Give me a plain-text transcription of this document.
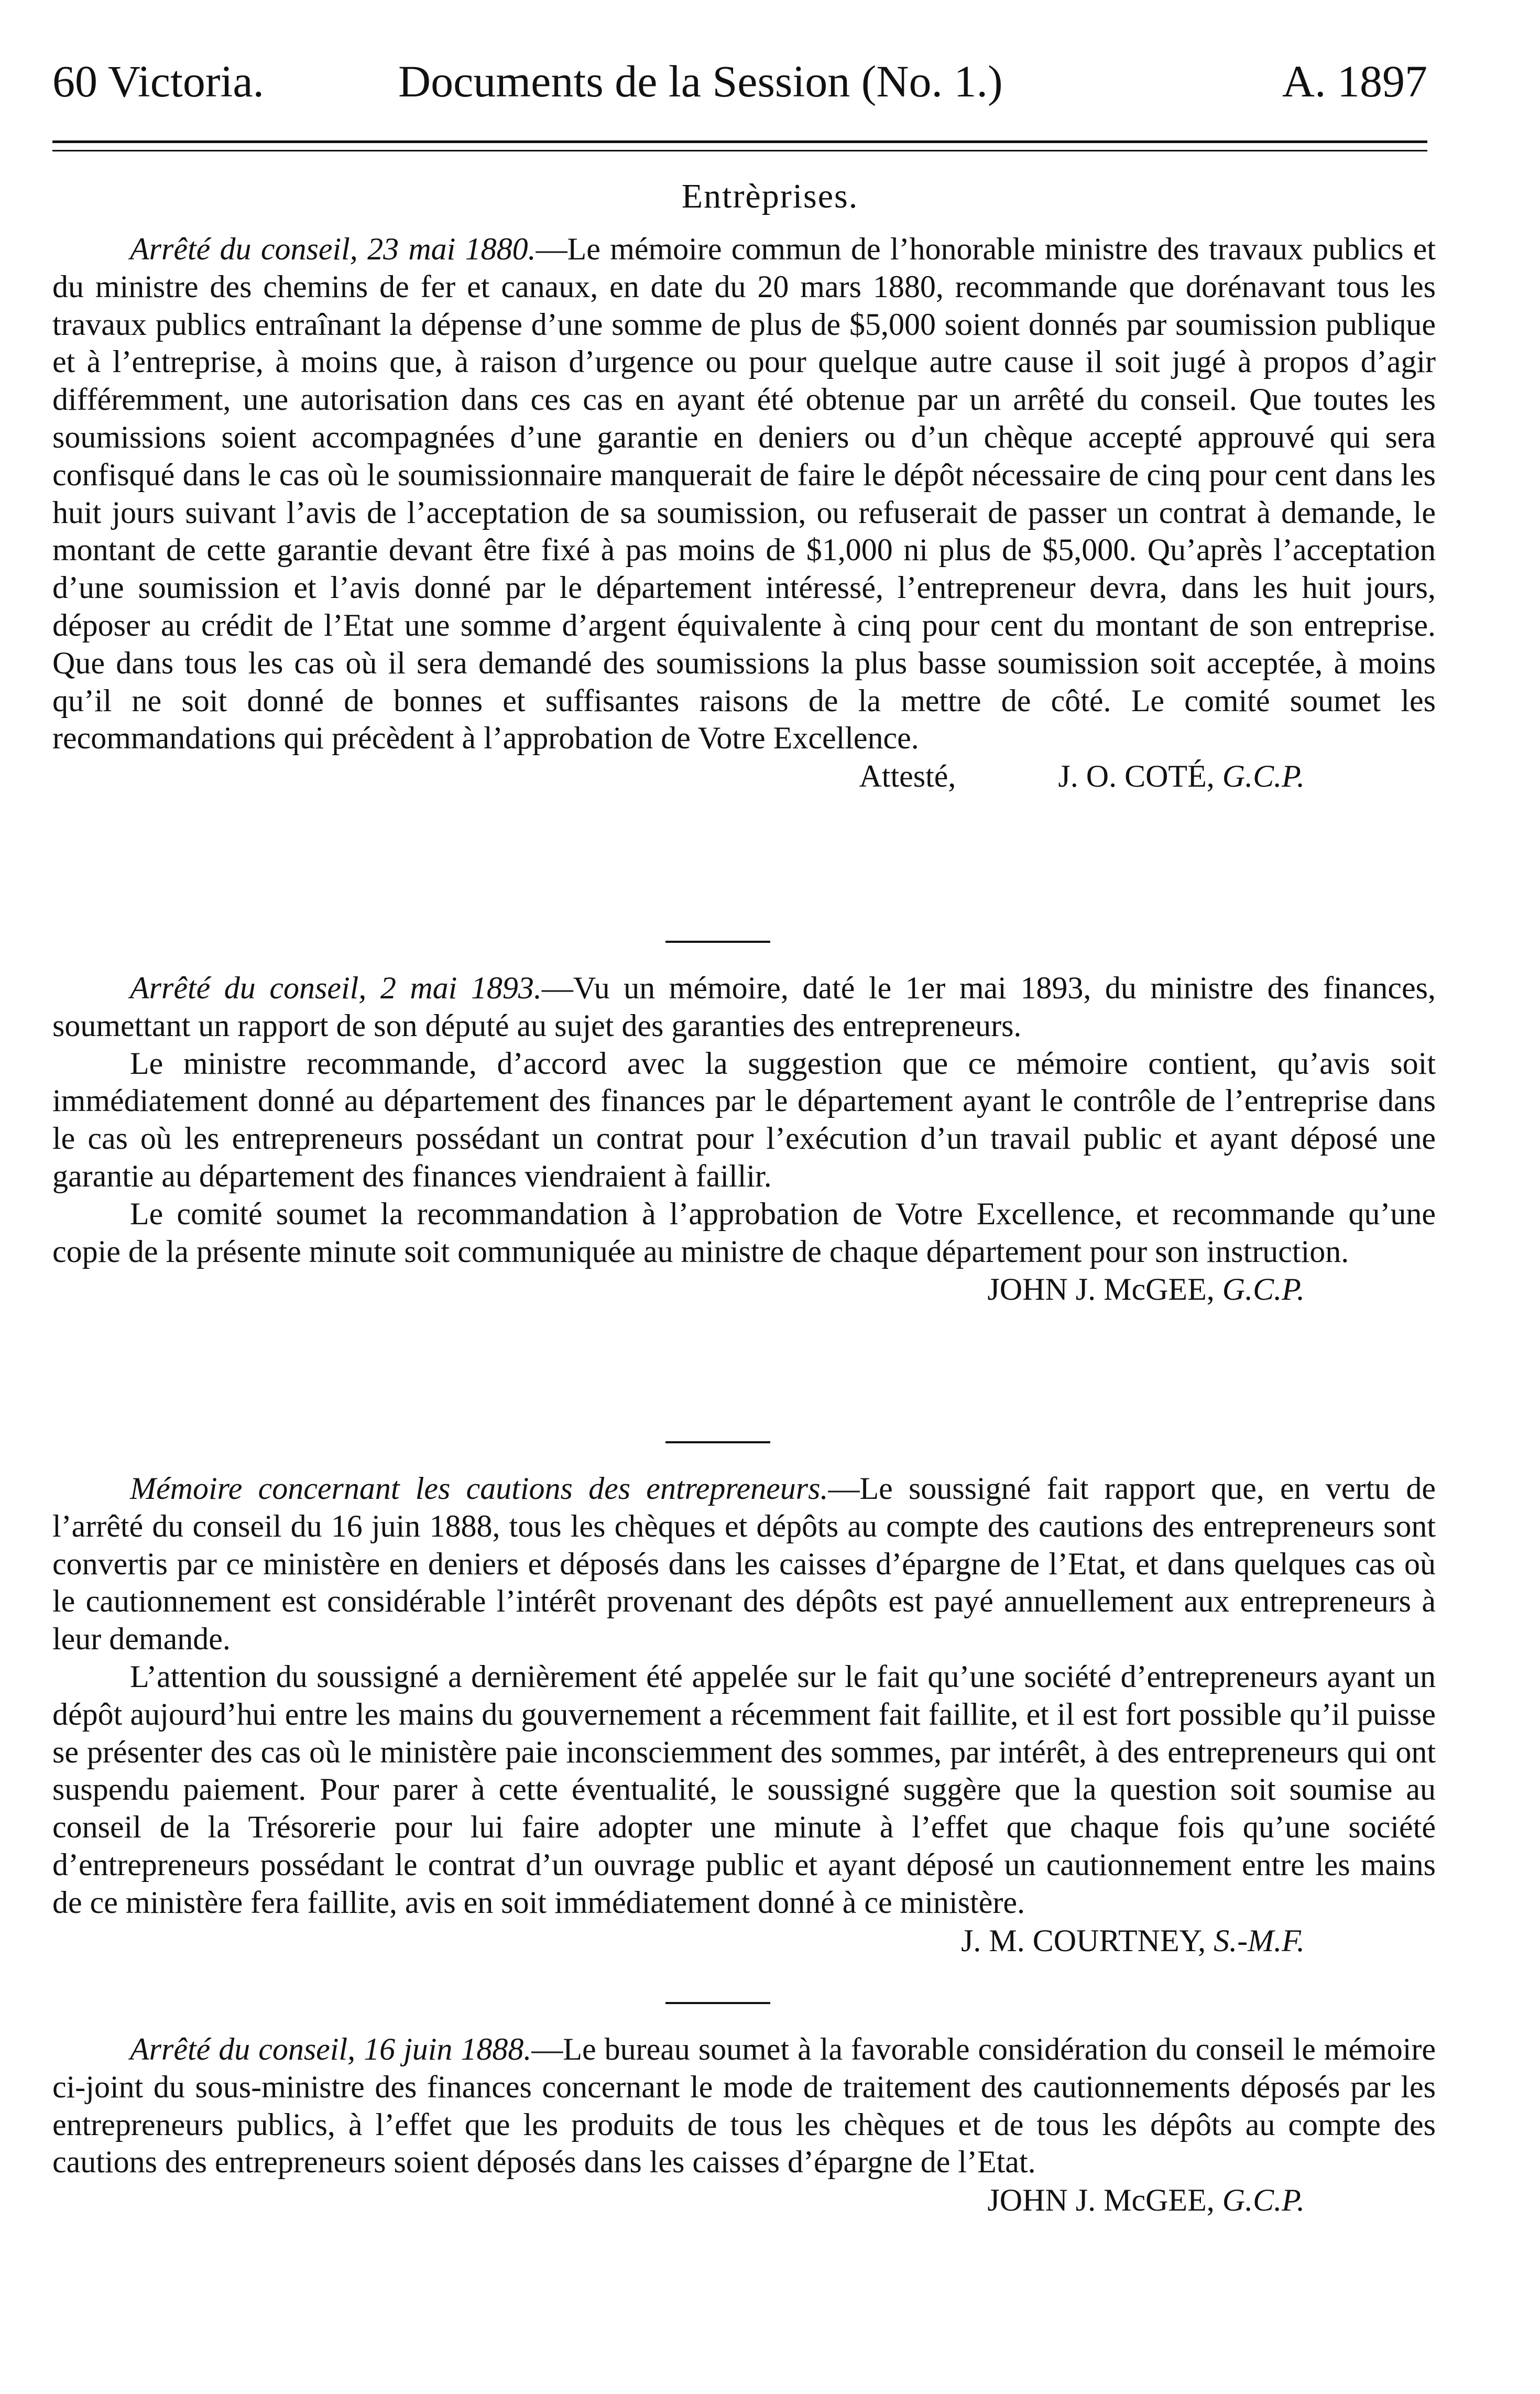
60 Victoria.	Documents de la Session (No. 1.)	A. 1897
Entrèprises.

Arrêté du conseil, 23 mai 1880.—Le mémoire commun de l’honorable ministre des travaux publics et du ministre des chemins de fer et canaux, en date du 20 mars 1880, recommande que dorénavant tous les travaux publics entraînant la dépense d’une somme de plus de $5,000 soient donnés par soumission publique et à l’entreprise, à moins que, à raison d’urgence ou pour quelque autre cause il soit jugé à propos d’agir différemment, une autorisation dans ces cas en ayant été obtenue par un arrêté du conseil. Que toutes les soumissions soient accompagnées d’une garantie en deniers ou d’un chèque accepté approuvé qui sera confisqué dans le cas où le soumissionnaire manquerait de faire le dépôt nécessaire de cinq pour cent dans les huit jours suivant l’avis de l’acceptation de sa soumission, ou refuserait de passer un contrat à demande, le montant de cette garantie devant être fixé à pas moins de $1,000 ni plus de $5,000. Qu’après l’acceptation d’une soumission et l’avis donné par le département intéressé, l’entrepreneur devra, dans les huit jours, déposer au crédit de l’Etat une somme d’argent équivalente à cinq pour cent du montant de son entreprise. Que dans tous les cas où il sera demandé des soumissions la plus basse soumission soit acceptée, à moins qu’il ne soit donné de bonnes et suffisantes raisons de la mettre de côté. Le comité soumet les recommandations qui précèdent à l’approbation de Votre Excellence.

Attesté,	J. O. COTÉ, G.C.P.

Arrêté du conseil, 2 mai 1893.—Vu un mémoire, daté le 1er mai 1893, du ministre des finances, soumettant un rapport de son député au sujet des garanties des entrepreneurs.

Le ministre recommande, d’accord avec la suggestion que ce mémoire contient, qu’avis soit immédiatement donné au département des finances par le département ayant le contrôle de l’entreprise dans le cas où les entrepreneurs possédant un contrat pour l’exécution d’un travail public et ayant déposé une garantie au département des finances viendraient à faillir.

Le comité soumet la recommandation à l’approbation de Votre Excellence, et recommande qu’une copie de la présente minute soit communiquée au ministre de chaque département pour son instruction.

JOHN J. McGEE, G.C.P.

Mémoire concernant les cautions des entrepreneurs.—Le soussigné fait rapport que, en vertu de l’arrêté du conseil du 16 juin 1888, tous les chèques et dépôts au compte des cautions des entrepreneurs sont convertis par ce ministère en deniers et déposés dans les caisses d’épargne de l’Etat, et dans quelques cas où le cautionnement est considérable l’intérêt provenant des dépôts est payé annuellement aux entrepreneurs à leur demande.

L’attention du soussigné a dernièrement été appelée sur le fait qu’une société d’entrepreneurs ayant un dépôt aujourd’hui entre les mains du gouvernement a récemment fait faillite, et il est fort possible qu’il puisse se présenter des cas où le ministère paie inconsciemment des sommes, par intérêt, à des entrepreneurs qui ont suspendu paiement. Pour parer à cette éventualité, le soussigné suggère que la question soit soumise au conseil de la Trésorerie pour lui faire adopter une minute à l’effet que chaque fois qu’une société d’entrepreneurs possédant le contrat d’un ouvrage public et ayant déposé un cautionnement entre les mains de ce ministère fera faillite, avis en soit immédiatement donné à ce ministère.

J. M. COURTNEY, S.-M.F.

Arrêté du conseil, 16 juin 1888.—Le bureau soumet à la favorable considération du conseil le mémoire ci-joint du sous-ministre des finances concernant le mode de traitement des cautionnements déposés par les entrepreneurs publics, à l’effet que les produits de tous les chèques et de tous les dépôts au compte des cautions des entrepreneurs soient déposés dans les caisses d’épargne de l’Etat.

JOHN J. McGEE, G.C.P.
